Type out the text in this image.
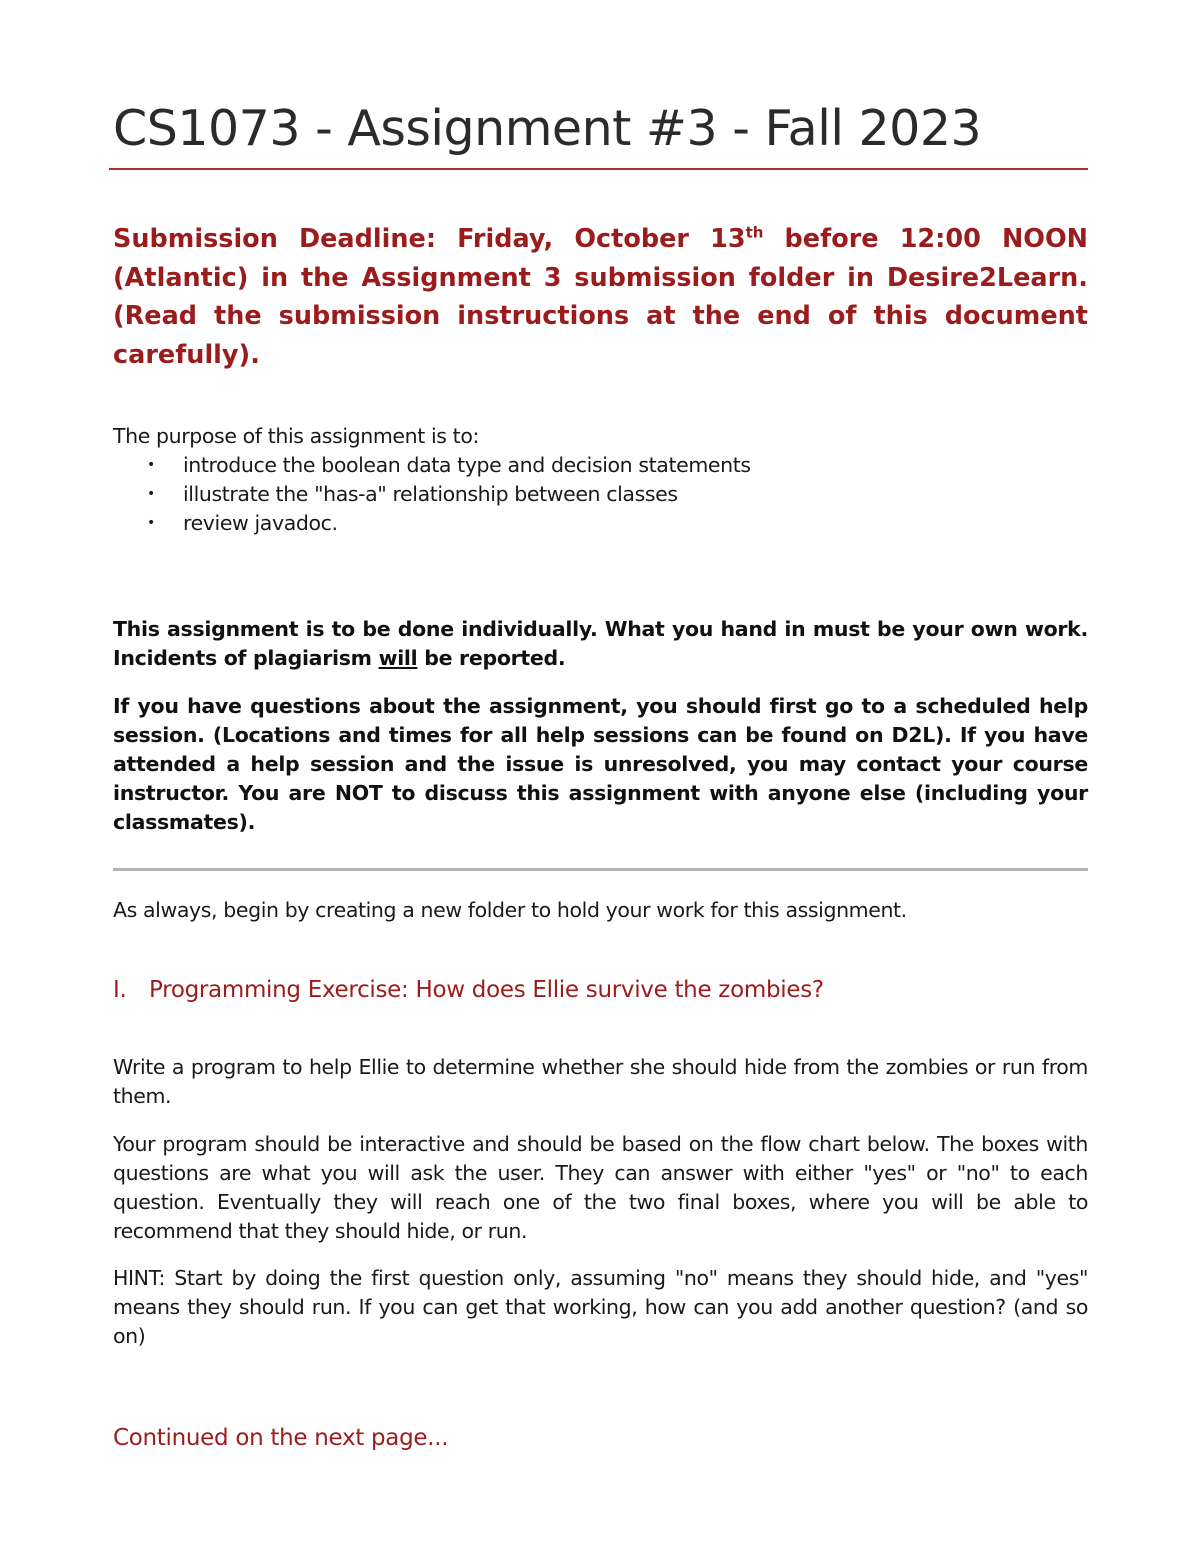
CS1073 - Assignment #3 - Fall 2023

Submission Deadline: Friday, October 13th before 12:00 NOON (Atlantic) in the Assignment 3 submission folder in Desire2Learn. (Read the submission instructions at the end of this document carefully).

The purpose of this assignment is to:

• introduce the boolean data type and decision statements
• illustrate the "has-a" relationship between classes
• review javadoc.

This assignment is to be done individually. What you hand in must be your own work. Incidents of plagiarism will be reported.

If you have questions about the assignment, you should first go to a scheduled help session. (Locations and times for all help sessions can be found on D2L). If you have attended a help session and the issue is unresolved, you may contact your course instructor. You are NOT to discuss this assignment with anyone else (including your classmates).

As always, begin by creating a new folder to hold your work for this assignment.

I. Programming Exercise: How does Ellie survive the zombies?

Write a program to help Ellie to determine whether she should hide from the zombies or run from them.

Your program should be interactive and should be based on the flow chart below. The boxes with questions are what you will ask the user. They can answer with either "yes" or "no" to each question. Eventually they will reach one of the two final boxes, where you will be able to recommend that they should hide, or run.

HINT: Start by doing the first question only, assuming "no" means they should hide, and "yes" means they should run. If you can get that working, how can you add another question? (and so on)

Continued on the next page...
